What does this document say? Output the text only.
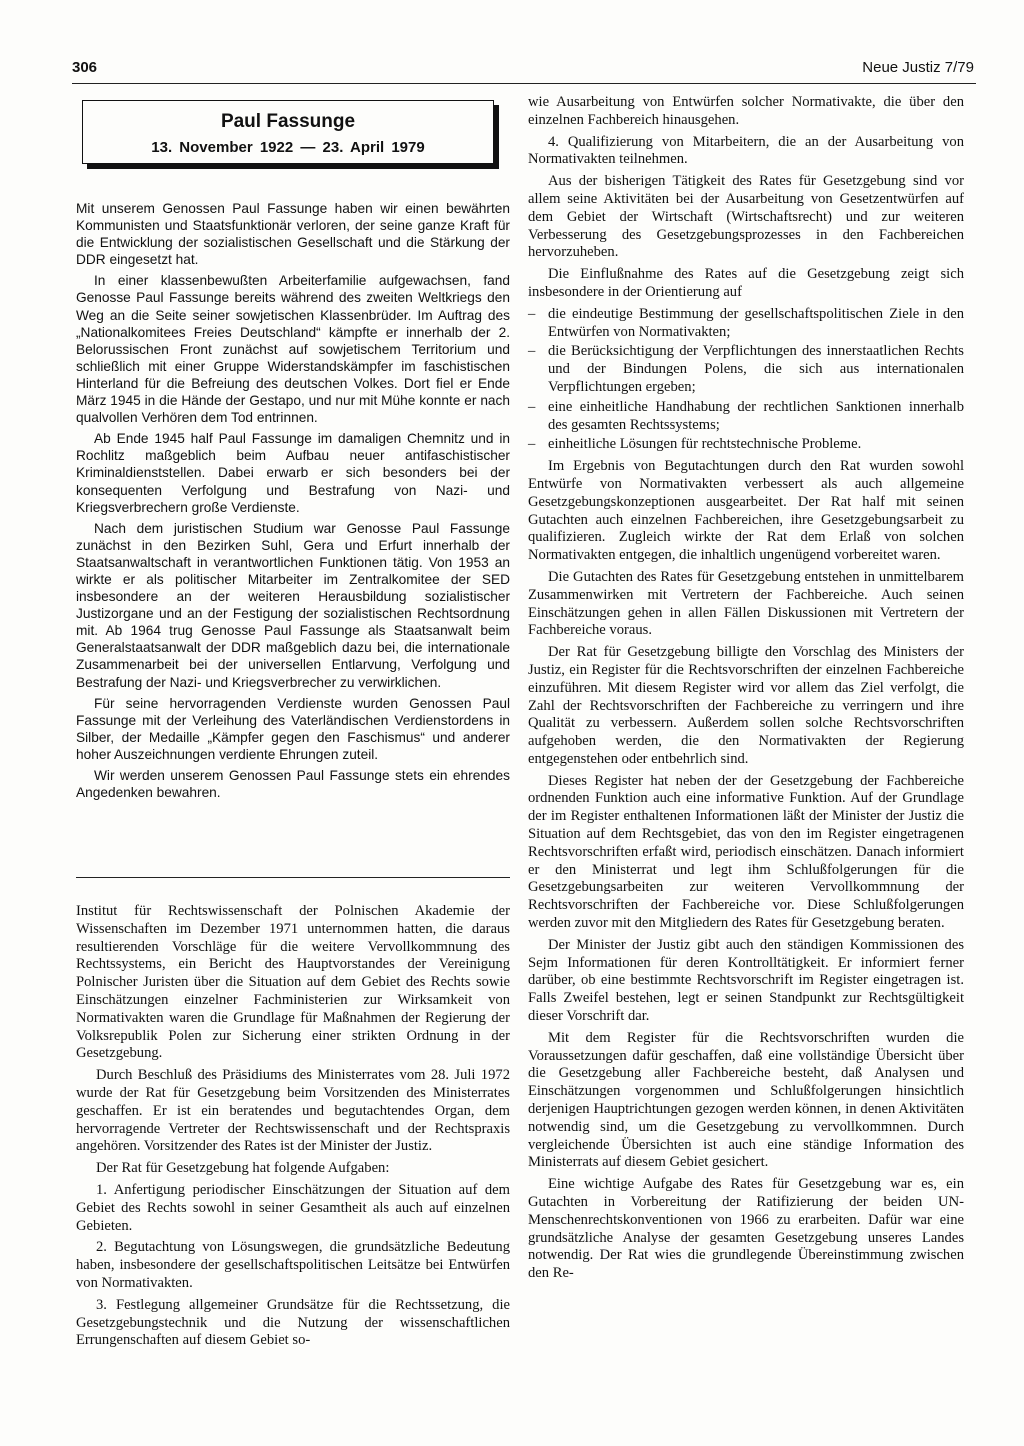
306	Neue Justiz 7/79
Paul Fassunge
13. November 1922 — 23. April 1979

Mit unserem Genossen Paul Fassunge haben wir einen bewährten Kommunisten und Staatsfunktionär verloren, der seine ganze Kraft für die Entwicklung der sozialistischen Gesellschaft und die Stärkung der DDR eingesetzt hat.

In einer klassenbewußten Arbeiterfamilie aufgewachsen, fand Genosse Paul Fassunge bereits während des zweiten Weltkriegs den Weg an die Seite seiner sowjetischen Klassenbrüder. Im Auftrag des „Nationalkomitees Freies Deutschland“ kämpfte er innerhalb der 2. Belorussischen Front zunächst auf sowjetischem Territorium und schließlich mit einer Gruppe Widerstandskämpfer im faschistischen Hinterland für die Befreiung des deutschen Volkes. Dort fiel er Ende März 1945 in die Hände der Gestapo, und nur mit Mühe konnte er nach qualvollen Verhören dem Tod entrinnen.

Ab Ende 1945 half Paul Fassunge im damaligen Chemnitz und in Rochlitz maßgeblich beim Aufbau neuer antifaschistischer Kriminaldienststellen. Dabei erwarb er sich besonders bei der konsequenten Verfolgung und Bestrafung von Nazi- und Kriegsverbrechern große Verdienste.

Nach dem juristischen Studium war Genosse Paul Fassunge zunächst in den Bezirken Suhl, Gera und Erfurt innerhalb der Staatsanwaltschaft in verantwortlichen Funktionen tätig. Von 1953 an wirkte er als politischer Mitarbeiter im Zentralkomitee der SED insbesondere an der weiteren Herausbildung sozialistischer Justizorgane und an der Festigung der sozialistischen Rechtsordnung mit. Ab 1964 trug Genosse Paul Fassunge als Staatsanwalt beim Generalstaatsanwalt der DDR maßgeblich dazu bei, die internationale Zusammenarbeit bei der universellen Entlarvung, Verfolgung und Bestrafung der Nazi- und Kriegsverbrecher zu verwirklichen.

Für seine hervorragenden Verdienste wurden Genossen Paul Fassunge mit der Verleihung des Vaterländischen Verdienstordens in Silber, der Medaille „Kämpfer gegen den Faschismus“ und anderer hoher Auszeichnungen verdiente Ehrungen zuteil.

Wir werden unserem Genossen Paul Fassunge stets ein ehrendes Angedenken bewahren.

Institut für Rechtswissenschaft der Polnischen Akademie der Wissenschaften im Dezember 1971 unternommen hatten, die daraus resultierenden Vorschläge für die weitere Vervollkommnung des Rechtssystems, ein Bericht des Hauptvorstandes der Vereinigung Polnischer Juristen über die Situation auf dem Gebiet des Rechts sowie Einschätzungen einzelner Fachministerien zur Wirksamkeit von Normativakten waren die Grundlage für Maßnahmen der Regierung der Volksrepublik Polen zur Sicherung einer strikten Ordnung in der Gesetzgebung.

Durch Beschluß des Präsidiums des Ministerrates vom 28. Juli 1972 wurde der Rat für Gesetzgebung beim Vorsitzenden des Ministerrates geschaffen. Er ist ein beratendes und begutachtendes Organ, dem hervorragende Vertreter der Rechtswissenschaft und der Rechtspraxis angehören. Vorsitzender des Rates ist der Minister der Justiz.

Der Rat für Gesetzgebung hat folgende Aufgaben:

1. Anfertigung periodischer Einschätzungen der Situation auf dem Gebiet des Rechts sowohl in seiner Gesamtheit als auch auf einzelnen Gebieten.

2. Begutachtung von Lösungswegen, die grundsätzliche Bedeutung haben, insbesondere der gesellschaftspolitischen Leitsätze bei Entwürfen von Normativakten.

3. Festlegung allgemeiner Grundsätze für die Rechtssetzung, die Gesetzgebungstechnik und die Nutzung der wissenschaftlichen Errungenschaften auf diesem Gebiet so-

wie Ausarbeitung von Entwürfen solcher Normativakte, die über den einzelnen Fachbereich hinausgehen.

4. Qualifizierung von Mitarbeitern, die an der Ausarbeitung von Normativakten teilnehmen.

Aus der bisherigen Tätigkeit des Rates für Gesetzgebung sind vor allem seine Aktivitäten bei der Ausarbeitung von Gesetzentwürfen auf dem Gebiet der Wirtschaft (Wirtschaftsrecht) und zur weiteren Verbesserung des Gesetzgebungsprozesses in den Fachbereichen hervorzuheben.

Die Einflußnahme des Rates auf die Gesetzgebung zeigt sich insbesondere in der Orientierung auf

– die eindeutige Bestimmung der gesellschaftspolitischen Ziele in den Entwürfen von Normativakten;
– die Berücksichtigung der Verpflichtungen des innerstaatlichen Rechts und der Bindungen Polens, die sich aus internationalen Verpflichtungen ergeben;
– eine einheitliche Handhabung der rechtlichen Sanktionen innerhalb des gesamten Rechtssystems;
– einheitliche Lösungen für rechtstechnische Probleme.

Im Ergebnis von Begutachtungen durch den Rat wurden sowohl Entwürfe von Normativakten verbessert als auch allgemeine Gesetzgebungskonzeptionen ausgearbeitet. Der Rat half mit seinen Gutachten auch einzelnen Fachbereichen, ihre Gesetzgebungsarbeit zu qualifizieren. Zugleich wirkte der Rat dem Erlaß von solchen Normativakten entgegen, die inhaltlich ungenügend vorbereitet waren.

Die Gutachten des Rates für Gesetzgebung entstehen in unmittelbarem Zusammenwirken mit Vertretern der Fachbereiche. Auch seinen Einschätzungen gehen in allen Fällen Diskussionen mit Vertretern der Fachbereiche voraus.

Der Rat für Gesetzgebung billigte den Vorschlag des Ministers der Justiz, ein Register für die Rechtsvorschriften der einzelnen Fachbereiche einzuführen. Mit diesem Register wird vor allem das Ziel verfolgt, die Zahl der Rechtsvorschriften der Fachbereiche zu verringern und ihre Qualität zu verbessern. Außerdem sollen solche Rechtsvorschriften aufgehoben werden, die den Normativakten der Regierung entgegenstehen oder entbehrlich sind.

Dieses Register hat neben der der Gesetzgebung der Fachbereiche ordnenden Funktion auch eine informative Funktion. Auf der Grundlage der im Register enthaltenen Informationen läßt der Minister der Justiz die Situation auf dem Rechtsgebiet, das von den im Register eingetragenen Rechtsvorschriften erfaßt wird, periodisch einschätzen. Danach informiert er den Ministerrat und legt ihm Schlußfolgerungen für die Gesetzgebungsarbeiten zur weiteren Vervollkommnung der Rechtsvorschriften der Fachbereiche vor. Diese Schlußfolgerungen werden zuvor mit den Mitgliedern des Rates für Gesetzgebung beraten.

Der Minister der Justiz gibt auch den ständigen Kommissionen des Sejm Informationen für deren Kontrolltätigkeit. Er informiert ferner darüber, ob eine bestimmte Rechtsvorschrift im Register eingetragen ist. Falls Zweifel bestehen, legt er seinen Standpunkt zur Rechtsgültigkeit dieser Vorschrift dar.

Mit dem Register für die Rechtsvorschriften wurden die Voraussetzungen dafür geschaffen, daß eine vollständige Übersicht über die Gesetzgebung aller Fachbereiche besteht, daß Analysen und Einschätzungen vorgenommen und Schlußfolgerungen hinsichtlich derjenigen Hauptrichtungen gezogen werden können, in denen Aktivitäten notwendig sind, um die Gesetzgebung zu vervollkommnen. Durch vergleichende Übersichten ist auch eine ständige Information des Ministerrats auf diesem Gebiet gesichert.

Eine wichtige Aufgabe des Rates für Gesetzgebung war es, ein Gutachten in Vorbereitung der Ratifizierung der beiden UN-Menschenrechtskonventionen von 1966 zu erarbeiten. Dafür war eine grundsätzliche Analyse der gesamten Gesetzgebung unseres Landes notwendig. Der Rat wies die grundlegende Übereinstimmung zwischen den Re-
